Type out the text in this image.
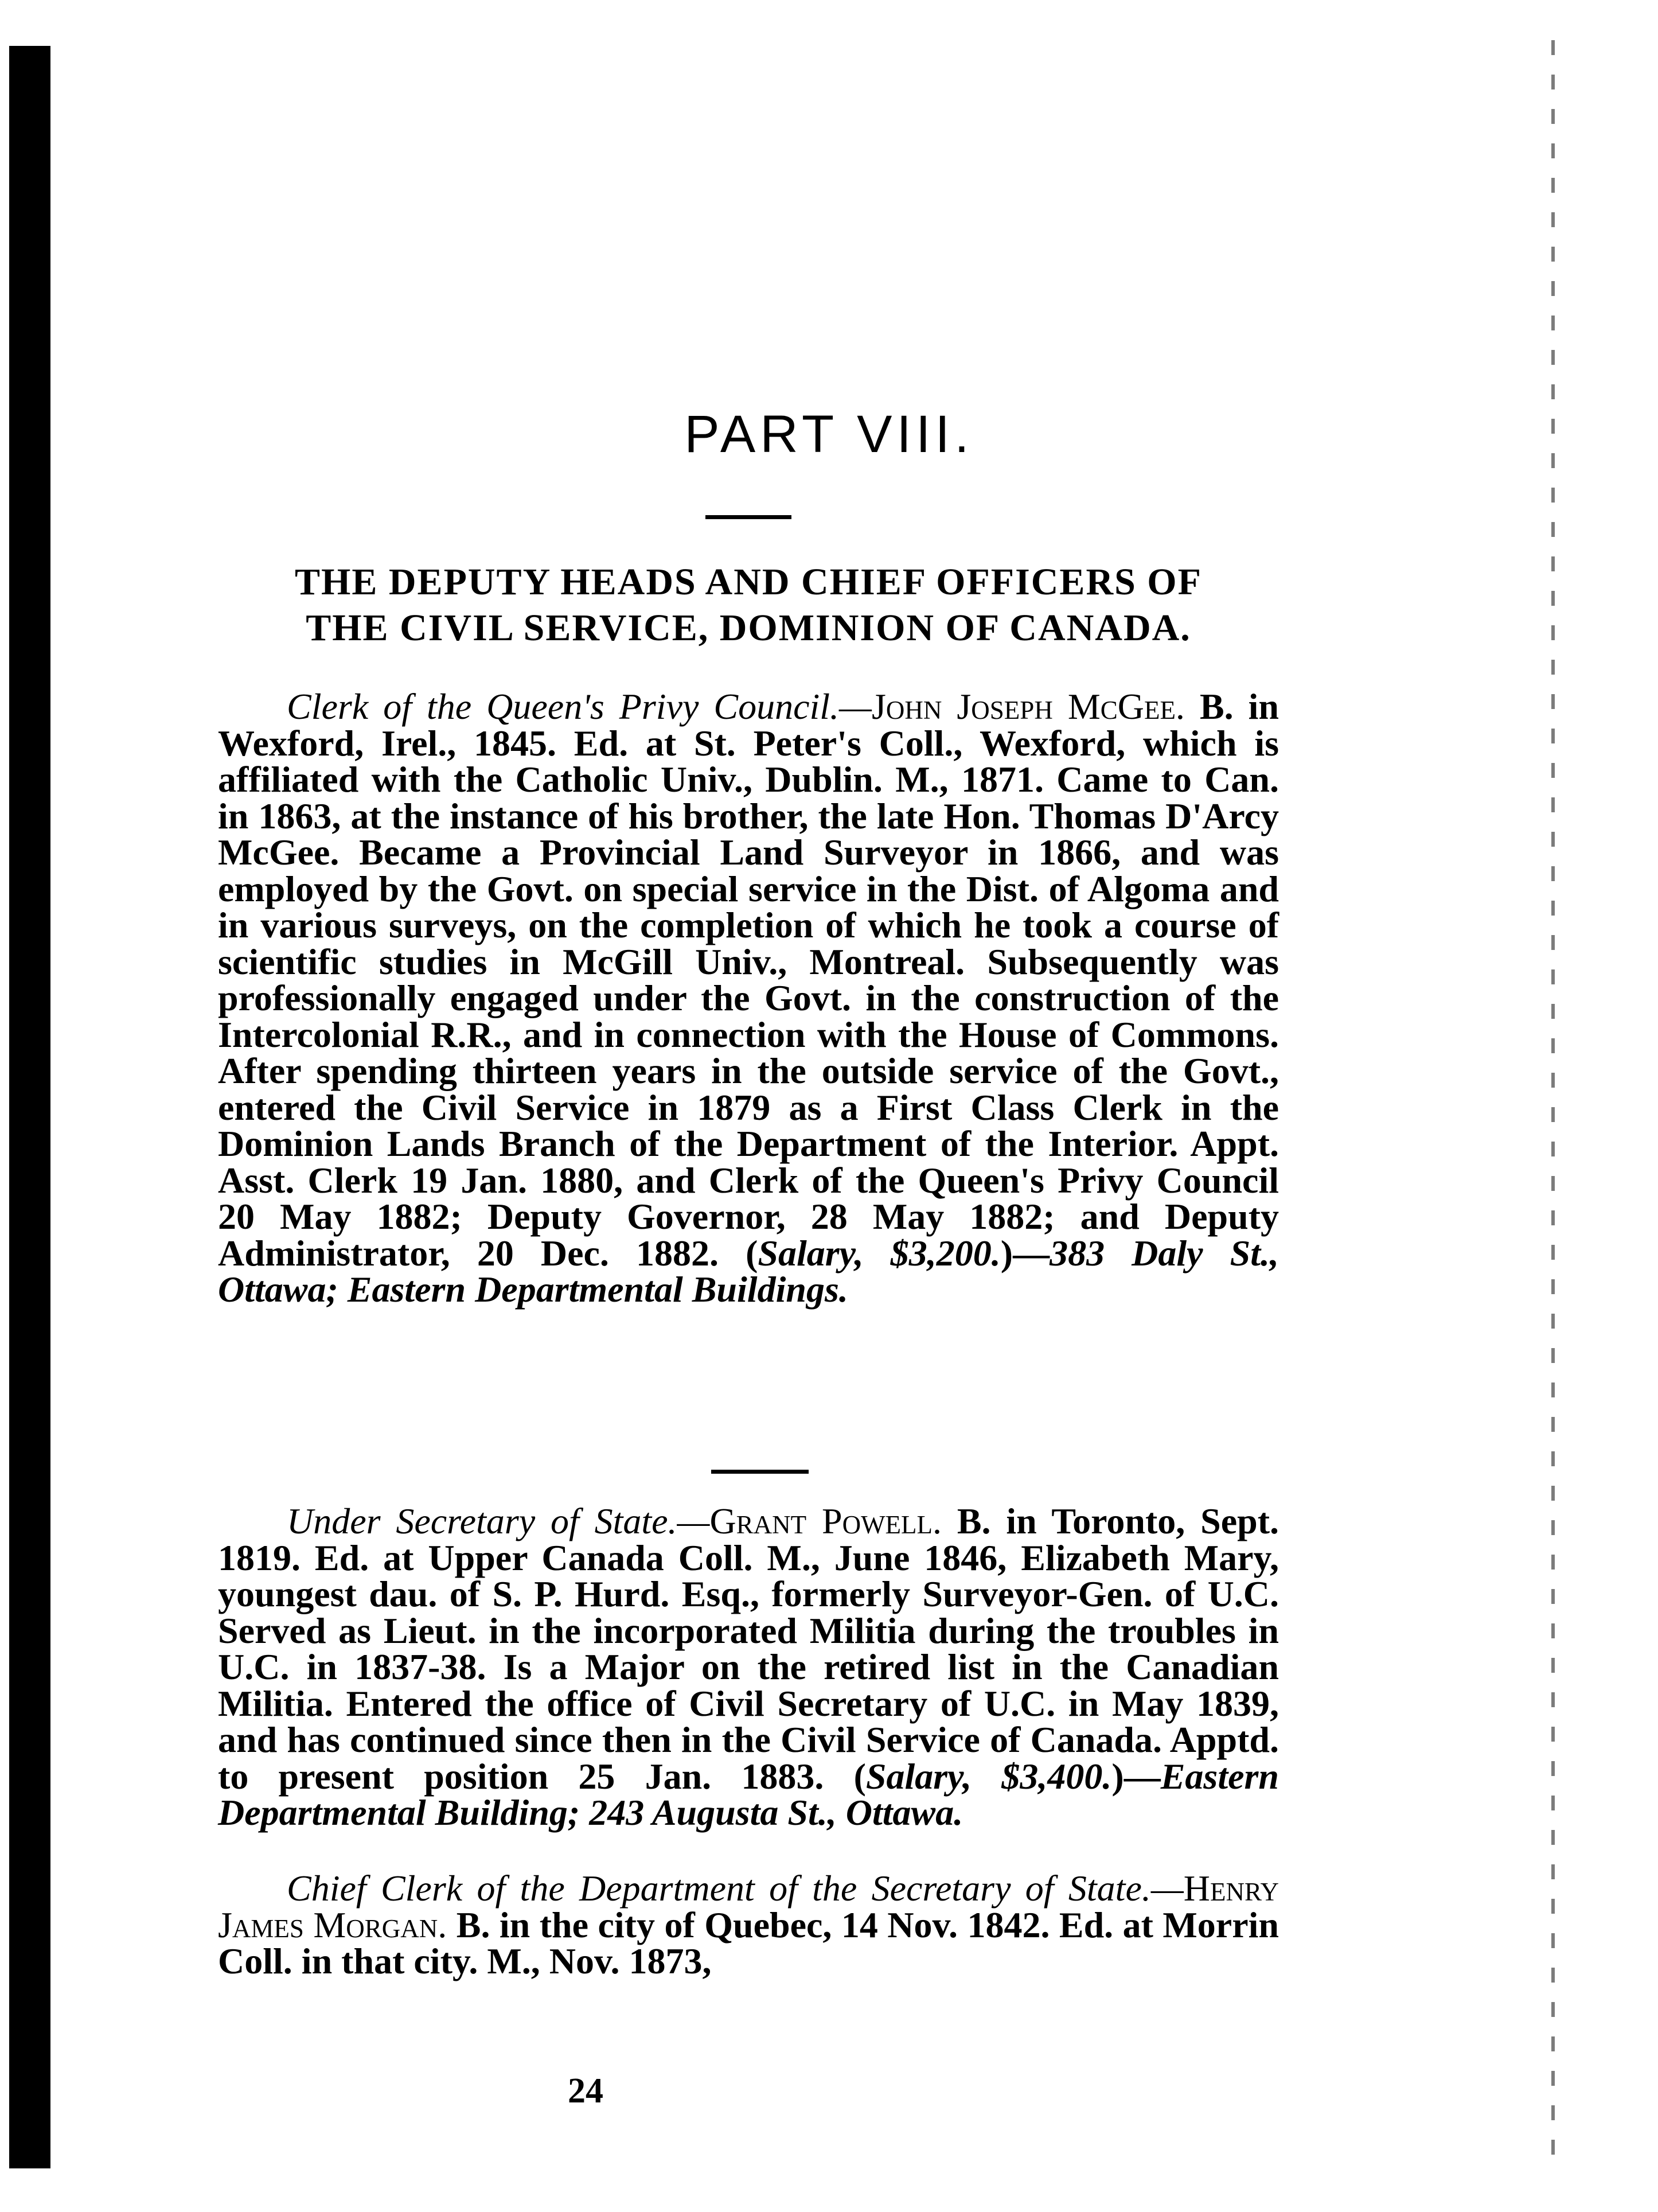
PART VIII.
THE DEPUTY HEADS AND CHIEF OFFICERS OF
THE CIVIL SERVICE, DOMINION OF CANADA.
Clerk of the Queen's Privy Council.—John Joseph McGee. B. in Wexford, Irel., 1845. Ed. at St. Peter's Coll., Wexford, which is affiliated with the Catholic Univ., Dublin. M., 1871. Came to Can. in 1863, at the instance of his brother, the late Hon. Thomas D'Arcy McGee. Became a Provincial Land Surveyor in 1866, and was employed by the Govt. on special service in the Dist. of Algoma and in various surveys, on the completion of which he took a course of scientific studies in McGill Univ., Montreal. Subsequently was professionally engaged under the Govt. in the construction of the Intercolonial R.R., and in connection with the House of Commons. After spending thirteen years in the outside service of the Govt., entered the Civil Service in 1879 as a First Class Clerk in the Dominion Lands Branch of the Department of the Interior. Appt. Asst. Clerk 19 Jan. 1880, and Clerk of the Queen's Privy Council 20 May 1882; Deputy Governor, 28 May 1882; and Deputy Administrator, 20 Dec. 1882. (Salary, $3,200.)—383 Daly St., Ottawa; Eastern Departmental Buildings.
Under Secretary of State.—Grant Powell. B. in Toronto, Sept. 1819. Ed. at Upper Canada Coll. M., June 1846, Elizabeth Mary, youngest dau. of S. P. Hurd. Esq., formerly Surveyor-Gen. of U.C. Served as Lieut. in the incorporated Militia during the troubles in U.C. in 1837-38. Is a Major on the retired list in the Canadian Militia. Entered the office of Civil Secretary of U.C. in May 1839, and has continued since then in the Civil Service of Canada. Apptd. to present position 25 Jan. 1883. (Salary, $3,400.)—Eastern Departmental Building; 243 Augusta St., Ottawa.
Chief Clerk of the Department of the Secretary of State.—Henry James Morgan. B. in the city of Quebec, 14 Nov. 1842. Ed. at Morrin Coll. in that city. M., Nov. 1873,
24
